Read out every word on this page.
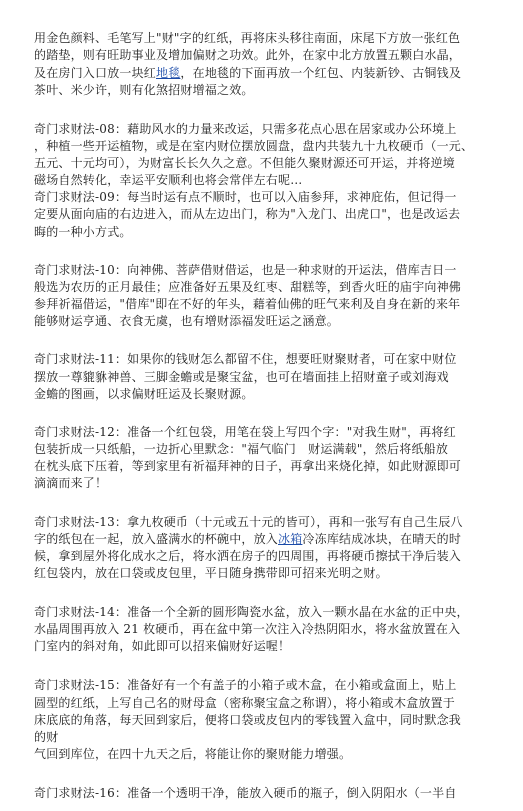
用金色颜料、毛笔写上"财"字的红纸，再将床头移往南面，床尾下方放一张红色
的踏垫，则有旺助事业及增加偏财之功效。此外，在家中北方放置五颗白水晶，
及在房门入口放一块红地毯，在地毯的下面再放一个红包、内装新钞、古铜钱及
茶叶、米少许，则有化煞招财增福之效。
奇门求财法-08：藉助风水的力量来改运，只需多花点心思在居家或办公环境上
，种植一些开运植物，或是在室内财位摆放圆盘，盘内共装九十九枚硬币（一元、
五元、十元均可），为财富长长久久之意。不但能久聚财源还可开运，并将逆境
磁场自然转化，幸运平安顺利也将会常伴左右呢…
奇门求财法-09：每当时运有点不顺时，也可以入庙参拜，求神庇佑，但记得一
定要从面向庙的右边进入，而从左边出门，称为"入龙门、出虎口"，也是改运去
晦的一种小方式。
奇门求财法-10：向神佛、菩萨借财借运，也是一种求财的开运法，借库吉日一
般选为农历的正月最佳；应准备好五果及红枣、甜糕等，到香火旺的庙宇向神佛
参拜祈福借运，"借库"即在不好的年头，藉着仙佛的旺气来利及自身在新的来年
能够财运亨通、衣食无虞，也有增财添福发旺运之涵意。
奇门求财法-11：如果你的钱财怎么都留不住，想要旺财聚财者，可在家中财位
摆放一尊貔貅神兽、三脚金蟾或是聚宝盆，也可在墙面挂上招财童子或刘海戏
金蟾的图画，以求偏财旺运及长聚财源。
奇门求财法-12：准备一个红包袋，用笔在袋上写四个字："对我生财"，再将红
包装折成一只纸船，一边折心里默念："福气临门　财运满载"，然后将纸船放
在枕头底下压着，等到家里有祈福拜神的日子，再拿出来烧化掉，如此财源即可
滴滴而来了！
奇门求财法-13：拿九枚硬币（十元或五十元的皆可），再和一张写有自己生辰八
字的纸包在一起，放入盛满水的杯碗中，放入冰箱冷冻库结成冰块，在晴天的时
候，拿到屋外将化成水之后，将水洒在房子的四周围，再将硬币擦拭干净后装入
红包袋内，放在口袋或皮包里，平日随身携带即可招来光明之财。
奇门求财法-14：准备一个全新的圆形陶瓷水盆，放入一颗水晶在水盆的正中央，
水晶周围再放入 21 枚硬币，再在盆中第一次注入冷热阴阳水，将水盆放置在入
门室内的斜对角，如此即可以招来偏财好运喔！
奇门求财法-15：准备好有一个有盖子的小箱子或木盒，在小箱或盒面上，贴上
圆型的红纸，上写自己名的财母盒（密称聚宝盒之称谓），将小箱或木盒放置于
床底底的角落，每天回到家后，便将口袋或皮包内的零钱置入盒中，同时默念我
的财
气回到库位，在四十九天之后，将能让你的聚财能力增强。
奇门求财法-16：准备一个透明干净，能放入硬币的瓶子，倒入阴阳水（一半自
